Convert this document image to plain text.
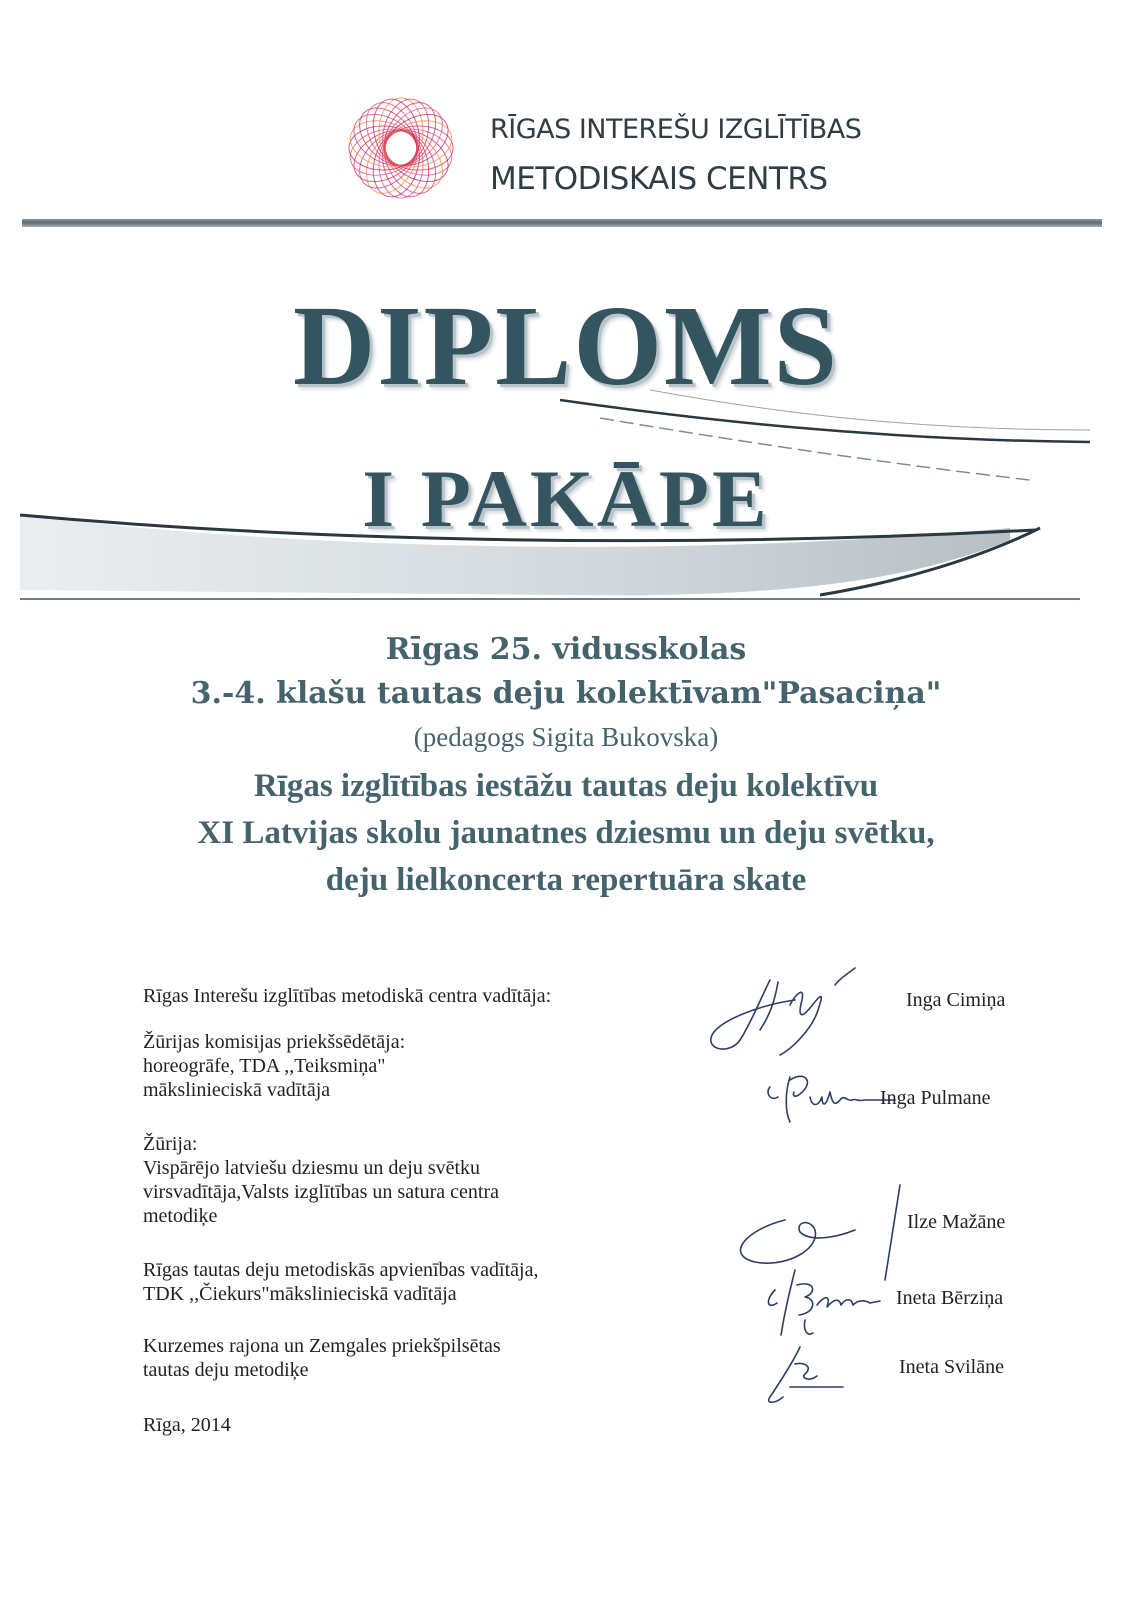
RĪGAS INTEREŠU IZGLĪTĪBAS
METODISKAIS CENTRS
DIPLOMS
I PAKĀPE
Rīgas 25. vidusskolas
3.-4. klašu tautas deju kolektīvam"Pasaciņa"
(pedagogs Sigita Bukovska)
Rīgas izglītības iestāžu tautas deju kolektīvu
XI Latvijas skolu jaunatnes dziesmu un deju svētku,
deju lielkoncerta repertuāra skate
Rīgas Interešu izglītības metodiskā centra vadītāja:
Žūrijas komisijas priekšsēdētāja:
horeogrāfe, TDA ,,Teiksmiņa"
mākslinieciskā vadītāja
Žūrija:
Vispārējo latviešu dziesmu un deju svētku
virsvadītāja,Valsts izglītības un satura centra
metodiķe
Rīgas tautas deju metodiskās apvienības vadītāja,
TDK ,,Čiekurs"mākslinieciskā vadītāja
Kurzemes rajona un Zemgales priekšpilsētas
tautas deju metodiķe
Rīga, 2014
Inga Cimiņa
Inga Pulmane
Ilze Mažāne
Ineta Bērziņa
Ineta Svilāne
